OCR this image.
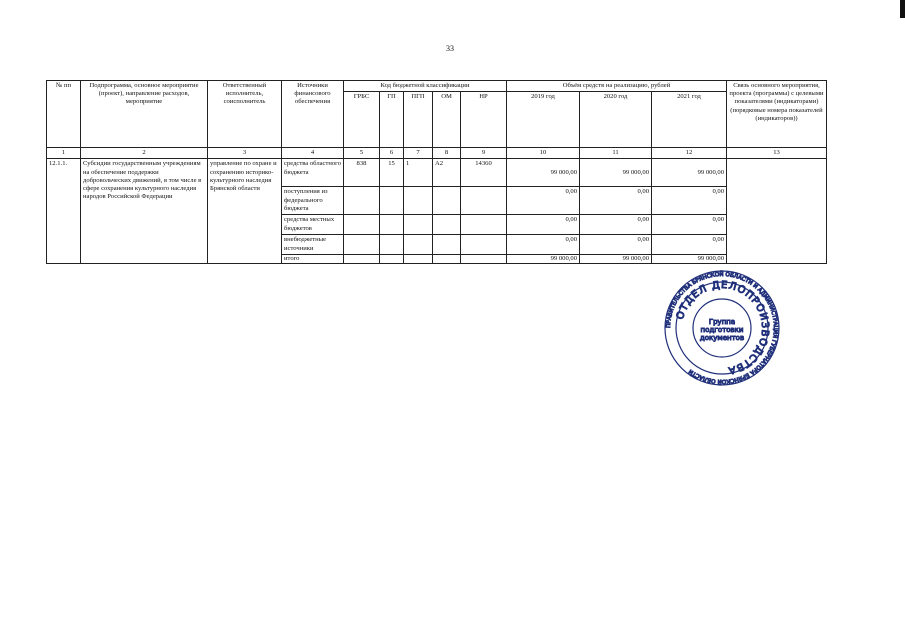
33
№ пп	Подпрограмма, основное мероприятие (проект), направление расходов, мероприятие	Ответственный исполнитель, соисполнитель	Источники финансового обеспечения	Код бюджетной классификации					Объём средств на реализацию, рублей			Связь основного мероприятия, проекта (программы) с целевыми показателями (индикаторами) (порядковые номера показателей (индикаторов))
				ГРБС	ГП	ПГП	ОМ	НР	2019 год	2020 год	2021 год	
1	2	3	4	5	6	7	8	9	10	11	12	13
12.1.1.	Субсидии государственным учреждениям на обеспечение поддержки добровольческих движений, в том числе в сфере сохранения культурного наследия народов Российской Федерации	управление по охране и сохранению историко-культурного наследия Брянской области	средства областного бюджета	838	15	1	А2	14360	99 000,00	99 000,00	99 000,00	
			поступления из федерального бюджета						0,00	0,00	0,00	
			средства местных бюджетов						0,00	0,00	0,00	
			внебюджетные источники						0,00	0,00	0,00	
			итого						99 000,00	99 000,00	99 000,00	
ПРАВИТЕЛЬСТВА БРЯНСКОЙ ОБЛАСТИ И АДМИНИСТРАЦИЯ ГУБЕРНАТОРА БРЯНСКОЙ ОБЛАСТИ
ОТДЕЛ ДЕЛОПРОИЗВОДСТВА
Группа
подготовки
документов
